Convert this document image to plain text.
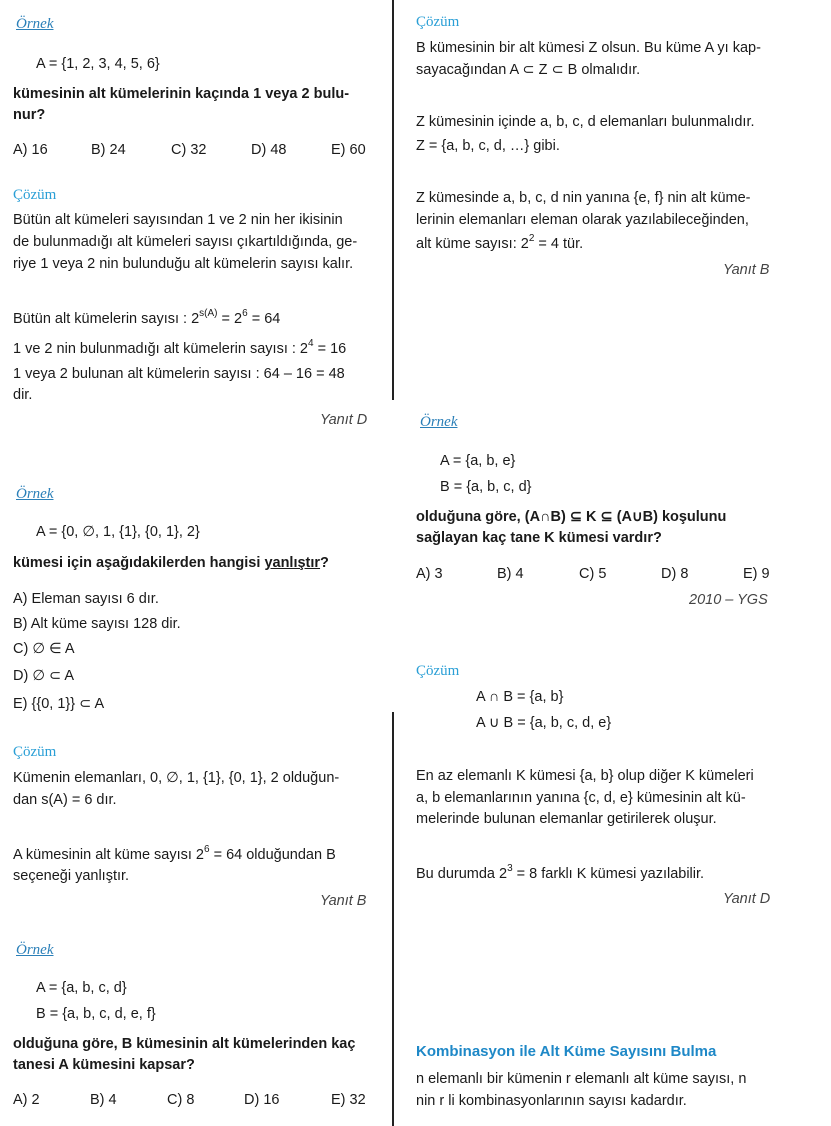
Örnek
A = {1, 2, 3, 4, 5, 6}
kümesinin alt kümelerinin kaçında 1 veya 2 bulu-
nur?
A) 16	B) 24	C) 32	D) 48	E) 60
Çözüm
Bütün alt kümeleri sayısından 1 ve 2 nin her ikisinin
de bulunmadığı alt kümeleri sayısı çıkartıldığında, ge-
riye 1 veya 2 nin bulunduğu alt kümelerin sayısı kalır.
Bütün alt kümelerin sayısı : $2^{s(A)} = 2^6 = 64$
1 ve 2 nin bulunmadığı alt kümelerin sayısı : $2^4 = 16$
1 veya 2 bulunan alt kümelerin sayısı : 64 – 16 = 48
dir.
Yanıt D
Örnek
A = {0, ∅, 1, {1}, {0, 1}, 2}
kümesi için aşağıdakilerden hangisi yanlıştır?
A) Eleman sayısı 6 dır.
B) Alt küme sayısı 128 dir.
C) ∅ ∈ A
D) ∅ ⊂ A
E) {{0, 1}} ⊂ A
Çözüm
Kümenin elemanları, 0, ∅, 1, {1}, {0, 1}, 2 olduğun-
dan s(A) = 6 dır.
A kümesinin alt küme sayısı $2^6 = 64$ olduğundan B
seçeneği yanlıştır.
Yanıt B
Örnek
A = {a, b, c, d}
B = {a, b, c, d, e, f}
olduğuna göre, B kümesinin alt kümelerinden kaç
tanesi A kümesini kapsar?
A) 2	B) 4	C) 8	D) 16	E) 32
Çözüm
B kümesinin bir alt kümesi Z olsun. Bu küme A yı kap-
sayacağından A ⊂ Z ⊂ B olmalıdır.
Z kümesinin içinde a, b, c, d elemanları bulunmalıdır.
Z = {a, b, c, d, …} gibi.
Z kümesinde a, b, c, d nin yanına {e, f} nin alt küme-
lerinin elemanları eleman olarak yazılabileceğinden,
alt küme sayısı: $2^2 = 4$ tür.
Yanıt B
Örnek
A = {a, b, e}
B = {a, b, c, d}
olduğuna göre, (A∩B) ⊆ K ⊆ (A∪B) koşulunu
sağlayan kaç tane K kümesi vardır?
A) 3	B) 4	C) 5	D) 8	E) 9
2010 – YGS
Çözüm
A ∩ B = {a, b}
A ∪ B = {a, b, c, d, e}
En az elemanlı K kümesi {a, b} olup diğer K kümeleri
a, b elemanlarının yanına {c, d, e} kümesinin alt kü-
melerinde bulunan elemanlar getirilerek oluşur.
Bu durumda $2^3 = 8$ farklı K kümesi yazılabilir.
Yanıt D
Kombinasyon ile Alt Küme Sayısını Bulma
n elemanlı bir kümenin r elemanlı alt küme sayısı, n
nin r li kombinasyonlarının sayısı kadardır.
